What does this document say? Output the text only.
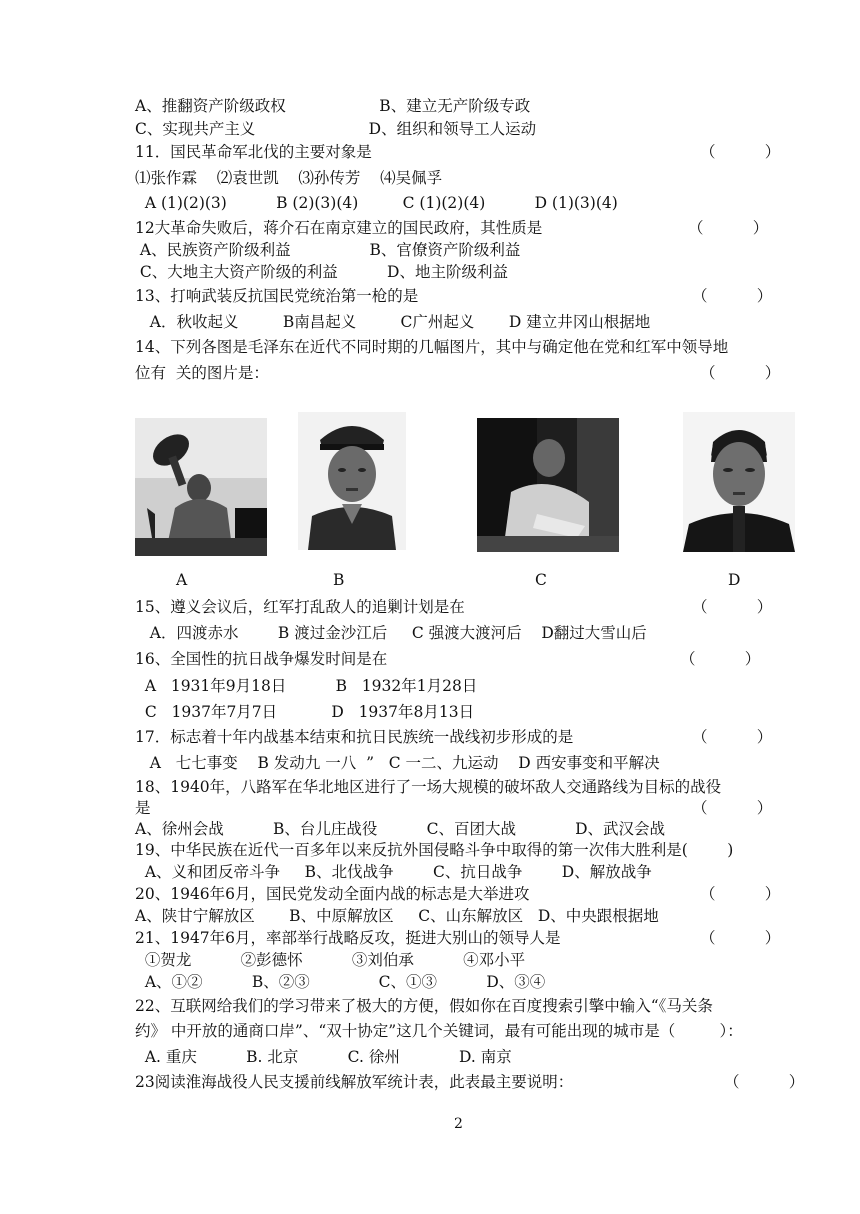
A、推翻资产阶级政权                   B、建立无产阶级专政
C、实现共产主义                       D、组织和领导工人运动
11．国民革命军北伐的主要对象是
⑴张作霖    ⑵袁世凯    ⑶孙传芳    ⑷吴佩孚
A (1)(2)(3)          B (2)(3)(4)         C (1)(2)(4)          D (1)(3)(4)
12大革命失败后，蒋介石在南京建立的国民政府，其性质是
A、民族资产阶级利益                B、官僚资产阶级利益
C、大地主大资产阶级的利益          D、地主阶级利益
13、打响武装反抗国民党统治第一枪的是
A．秋收起义         B南昌起义         C广州起义       D 建立井冈山根据地
14、下列各图是毛泽东在近代不同时期的几幅图片，其中与确定他在党和红军中领导地
位有  关的图片是：
15、遵义会议后，红军打乱敌人的追剿计划是在
A．四渡赤水        B 渡过金沙江后     C 强渡大渡河后    D翻过大雪山后
16、全国性的抗日战争爆发时间是在
A   1931年9月18日          B   1932年1月28日
C   1937年7月7日           D   1937年8月13日
17．标志着十年内战基本结束和抗日民族统一战线初步形成的是
A   七七事变    B 发动九 一八  ”   C 一二、九运动    D 西安事变和平解决
18、1940年，八路军在华北地区进行了一场大规模的破坏敌人交通路线为目标的战役
是
A、徐州会战          B、台儿庄战役          C、百团大战            D、武汉会战
19、中华民族在近代一百多年以来反抗外国侵略斗争中取得的第一次伟大胜利是(        )
A、义和团反帝斗争     B、北伐战争        C、抗日战争        D、解放战争
20、1946年6月，国民党发动全面内战的标志是大举进攻
A、陕甘宁解放区       B、中原解放区     C、山东解放区   D、中央跟根据地
21、1947年6月，率部举行战略反攻，挺进大别山的领导人是
①贺龙          ②彭德怀          ③刘伯承          ④邓小平
A、①②          B、②③              C、①③          D、③④
22、互联网给我们的学习带来了极大的方便，假如你在百度搜索引擎中输入“《马关条
约》 中开放的通商口岸”、“双十协定”这几个关键词，最有可能出现的城市是（         ）：
A. 重庆          B. 北京          C. 徐州            D. 南京
23阅读淮海战役人民支援前线解放军统计表，此表最主要说明：
（          ）
（          ）
（          ）
（          ）
（          ）
（          ）
（          ）
（          ）
（          ）
（          ）
（          ）
A	B	C	D
2
